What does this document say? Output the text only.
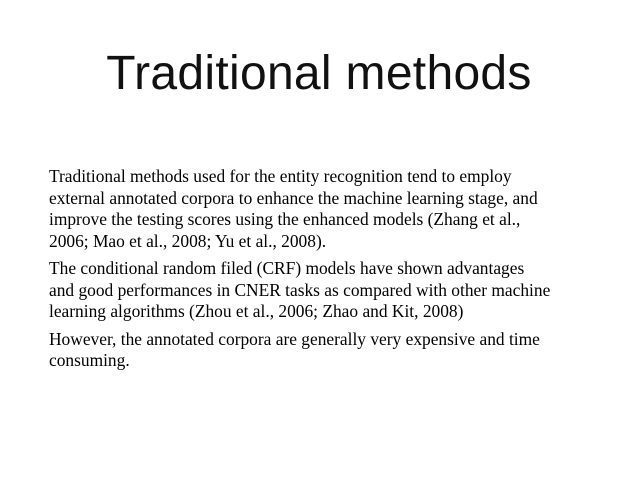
Traditional methods

Traditional methods used for the entity recognition tend to employ
external annotated corpora to enhance the machine learning stage, and
improve the testing scores using the enhanced models (Zhang et al.,
2006; Mao et al., 2008; Yu et al., 2008).

The conditional random filed (CRF) models have shown advantages
and good performances in CNER tasks as compared with other machine
learning algorithms (Zhou et al., 2006; Zhao and Kit, 2008)

However, the annotated corpora are generally very expensive and time
consuming.
